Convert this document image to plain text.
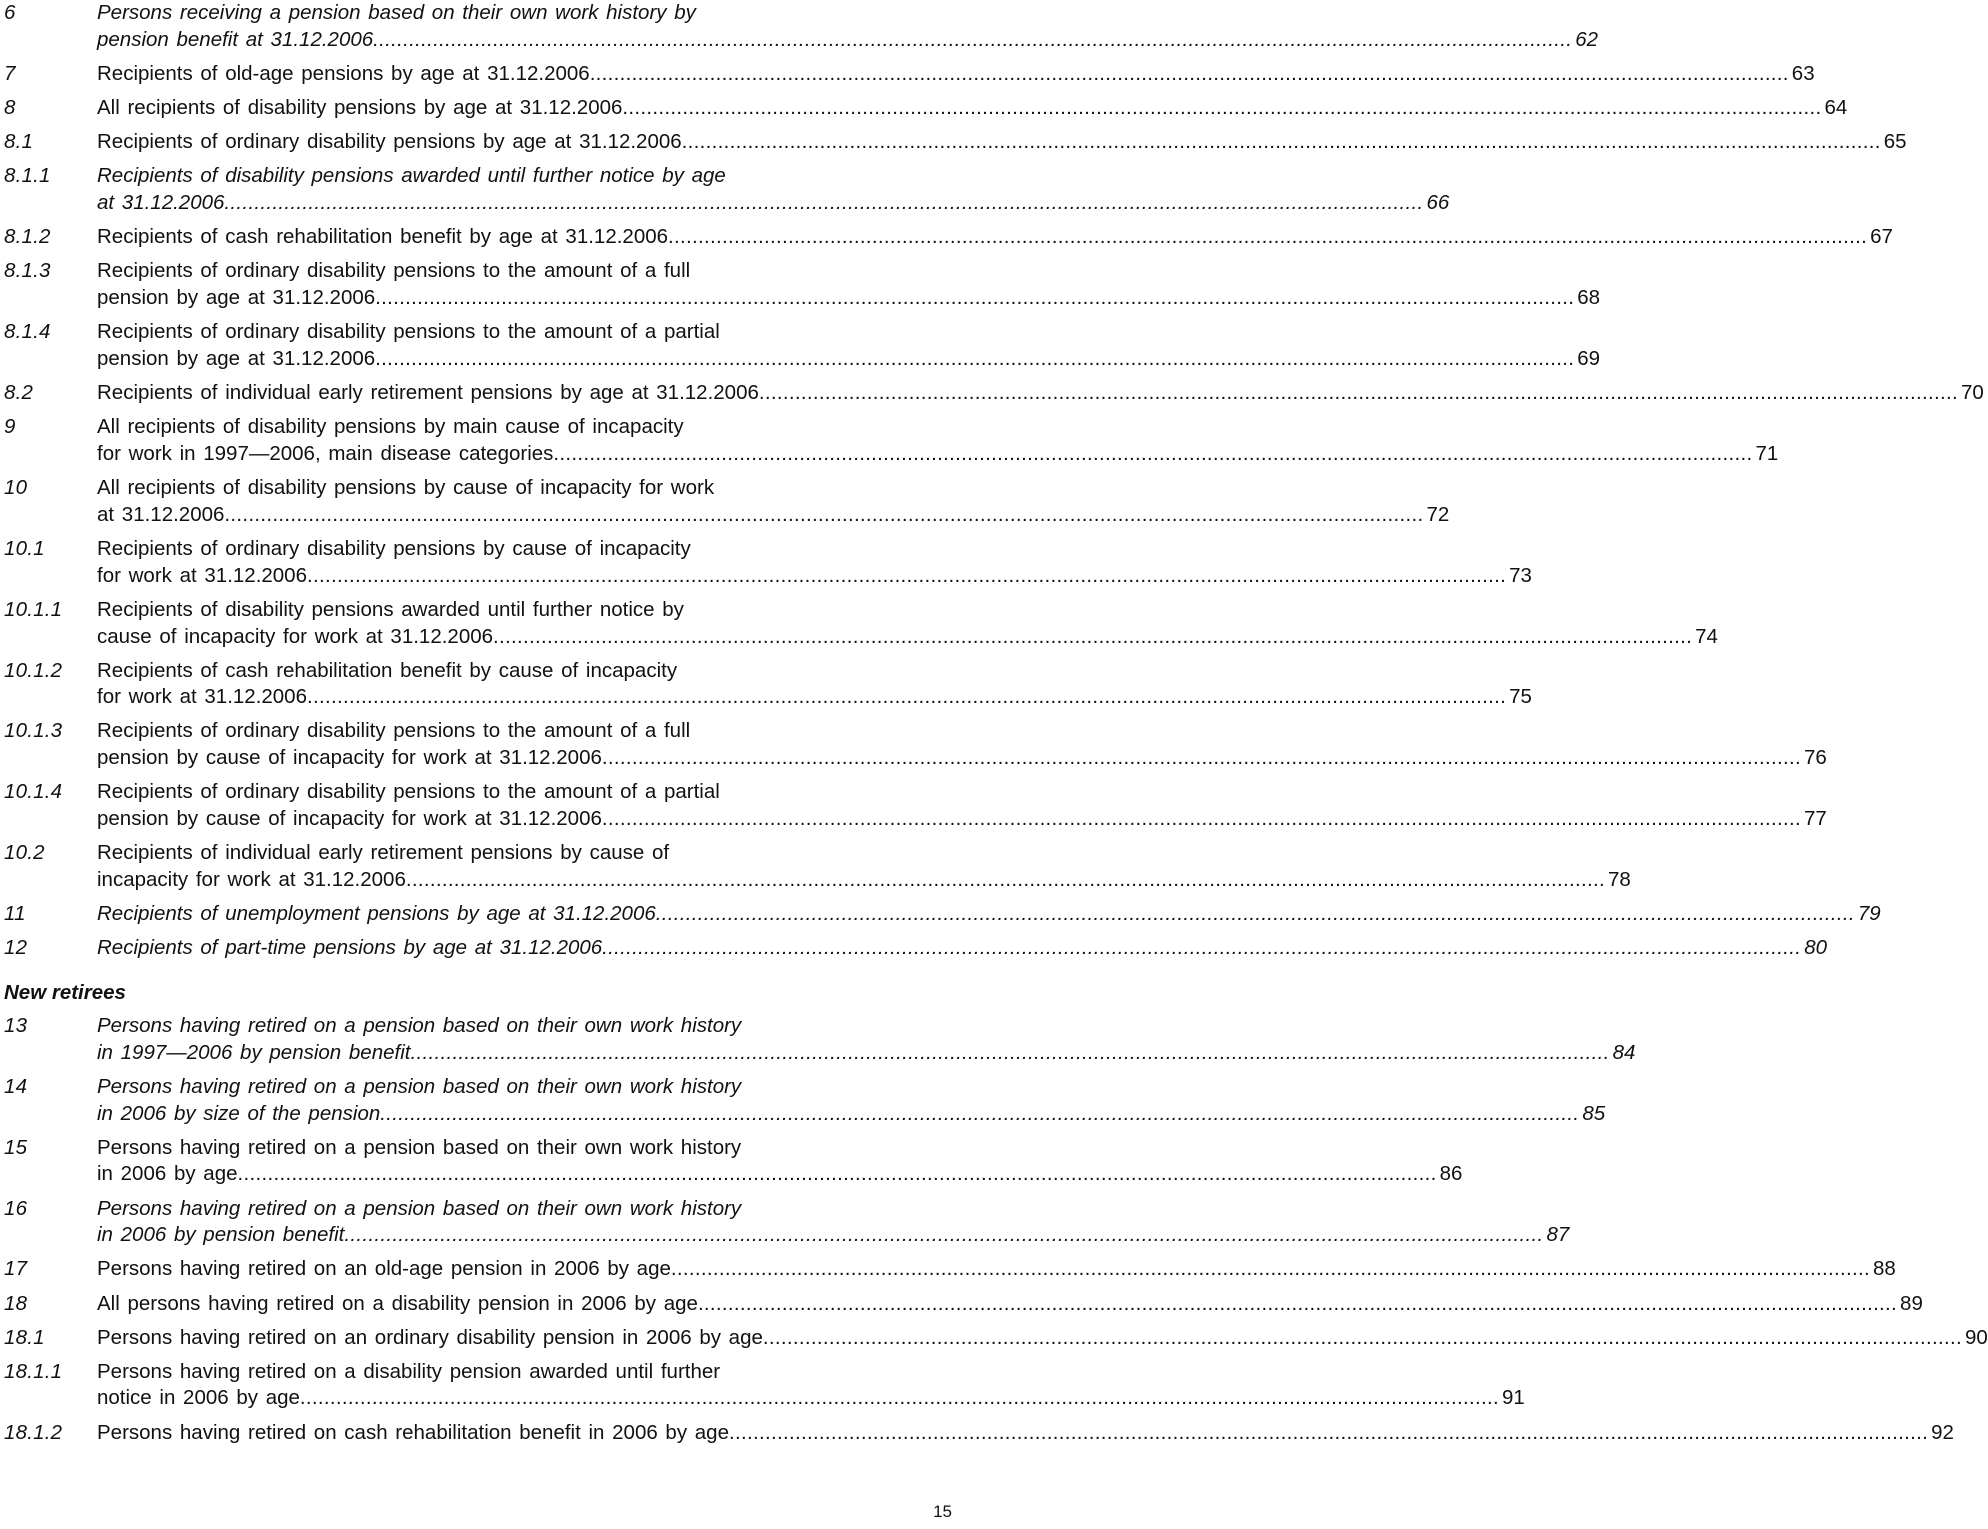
6	Persons receiving a pension based on their own work history by
pension benefit at 31.12.2006 ........................................................................................................................................................................................................ 62
7	Recipients of old-age pensions by age at 31.12.2006 ........................................................................................................................................................................................................ 63
8	All recipients of disability pensions by age at 31.12.2006 ........................................................................................................................................................................................................ 64
8.1	Recipients of ordinary disability pensions by age at 31.12.2006 ........................................................................................................................................................................................................ 65
8.1.1	Recipients of disability pensions awarded until further notice by age
at 31.12.2006 ........................................................................................................................................................................................................ 66
8.1.2	Recipients of cash rehabilitation benefit by age at 31.12.2006 ........................................................................................................................................................................................................ 67
8.1.3	Recipients of ordinary disability pensions to the amount of a full
pension by age at 31.12.2006 ........................................................................................................................................................................................................ 68
8.1.4	Recipients of ordinary disability pensions to the amount of a partial
pension by age at 31.12.2006 ........................................................................................................................................................................................................ 69
8.2	Recipients of individual early retirement pensions by age at 31.12.2006 ........................................................................................................................................................................................................ 70
9	All recipients of disability pensions by main cause of incapacity
for work in 1997—2006, main disease categories ........................................................................................................................................................................................................ 71
10	All recipients of disability pensions by cause of incapacity for work
at 31.12.2006 ........................................................................................................................................................................................................ 72
10.1	Recipients of ordinary disability pensions by cause of incapacity
for work at 31.12.2006 ........................................................................................................................................................................................................ 73
10.1.1	Recipients of disability pensions awarded until further notice by
cause of incapacity for work at 31.12.2006 ........................................................................................................................................................................................................ 74
10.1.2	Recipients of cash rehabilitation benefit by cause of incapacity
for work at 31.12.2006 ........................................................................................................................................................................................................ 75
10.1.3	Recipients of ordinary disability pensions to the amount of a full
pension by cause of incapacity for work at 31.12.2006 ........................................................................................................................................................................................................ 76
10.1.4	Recipients of ordinary disability pensions to the amount of a partial
pension by cause of incapacity for work at 31.12.2006 ........................................................................................................................................................................................................ 77
10.2	Recipients of individual early retirement pensions by cause of
incapacity for work at 31.12.2006 ........................................................................................................................................................................................................ 78
11	Recipients of unemployment pensions by age at 31.12.2006 ........................................................................................................................................................................................................ 79
12	Recipients of part-time pensions by age at 31.12.2006 ........................................................................................................................................................................................................ 80
New retirees
13	Persons having retired on a pension based on their own work history
in 1997—2006 by pension benefit ........................................................................................................................................................................................................ 84
14	Persons having retired on a pension based on their own work history
in 2006 by size of the pension ........................................................................................................................................................................................................ 85
15	Persons having retired on a pension based on their own work history
in 2006 by age ........................................................................................................................................................................................................ 86
16	Persons having retired on a pension based on their own work history
in 2006 by pension benefit ........................................................................................................................................................................................................ 87
17	Persons having retired on an old-age pension in 2006 by age ........................................................................................................................................................................................................ 88
18	All persons having retired on a disability pension in 2006 by age ........................................................................................................................................................................................................ 89
18.1	Persons having retired on an ordinary disability pension in 2006 by age ........................................................................................................................................................................................................ 90
18.1.1	Persons having retired on a disability pension awarded until further
notice in 2006 by age ........................................................................................................................................................................................................ 91
18.1.2	Persons having retired on cash rehabilitation benefit in 2006 by age ........................................................................................................................................................................................................ 92
15
